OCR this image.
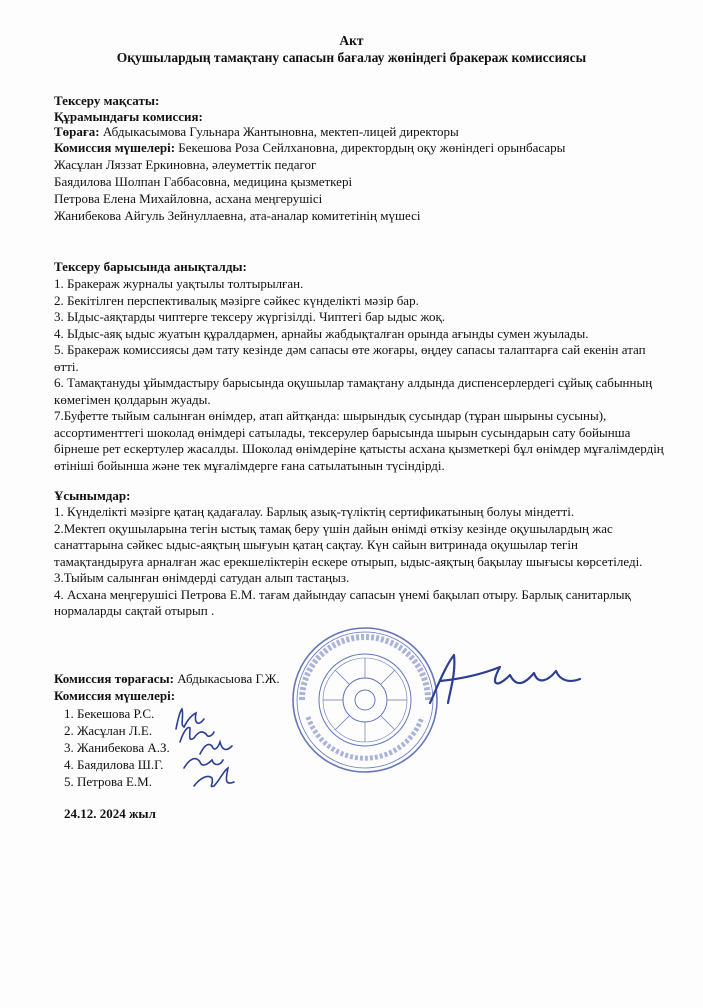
Акт
Оқушылардың тамақтану сапасын бағалау жөніндегі бракераж комиссиясы
Тексеру мақсаты:
Құрамындағы комиссия:
Төраға: Абдыкасымова Гульнара Жантыновна, мектеп-лицей директоры
Комиссия мүшелері: Бекешова Роза Сейлхановна, директордың оқу жөніндегі орынбасары
Жасұлан Ляззат Еркиновна, әлеуметтік педагог
Баядилова Шолпан Габбасовна, медицина қызметкері
Петрова Елена Михайловна, асхана меңгерушісі
Жанибекова Айгуль Зейнуллаевна, ата-аналар комитетінің мүшесі
Тексеру барысында анықталды:

1. Бракераж журналы уақтылы толтырылған.

2. Бекітілген перспективалық мәзірге сәйкес күнделікті мәзір бар.

3. Ыдыс-аяқтарды чиптерге тексеру жүргізілді. Чиптегі бар ыдыс жоқ.

4. Ыдыс-аяқ ыдыс жуатын құралдармен, арнайы жабдықталған орында ағынды сумен жуылады.

5. Бракераж комиссиясы дәм тату кезінде дәм сапасы өте жоғары, өңдеу сапасы талаптарға сай екенін атап өтті.

6. Тамақтануды ұйымдастыру барысында оқушылар тамақтану алдында диспенсерлердегі сұйық сабынның көмегімен қолдарын жуады.

7.Буфетте тыйым салынған өнімдер, атап айтқанда: шырындық сусындар (тұран шырыны сусыны), ассортименттегі шоколад өнімдері сатылады, тексерулер барысында шырын сусындарын сату бойынша бірнеше рет ескертулер жасалды. Шоколад өнімдеріне қатысты асхана қызметкері бұл өнімдер мұғалімдердің өтініші бойынша және тек мұғалімдерге ғана сатылатынын түсіндірді.

Ұсынымдар:

1. Күнделікті мәзірге қатаң қадағалау. Барлық азық-түліктің сертификатының болуы міндетті.

2.Мектеп оқушыларына тегін ыстық тамақ беру үшін дайын өнімді өткізу кезінде оқушылардың жас санаттарына сәйкес ыдыс-аяқтың шығуын қатаң сақтау. Күн сайын витринада оқушылар тегін тамақтандыруға арналған жас ерекшеліктерін ескере отырып, ыдыс-аяқтың бақылау шығысы көрсетіледі.

3.Тыйым салынған өнімдерді сатудан алып тастаңыз.

4. Асхана меңгерушісі Петрова Е.М. тағам дайындау сапасын үнемі бақылап отыру. Барлық санитарлық нормаларды сақтай отырып .

Комиссия төрағасы: Абдыкасыова Г.Ж.
Комиссия мүшелері:
1. Бекешова Р.С.
2. Жасұлан Л.Е.
3. Жанибекова А.З.
4. Баядилова Ш.Г.
5. Петрова Е.М.
24.12. 2024 жыл
